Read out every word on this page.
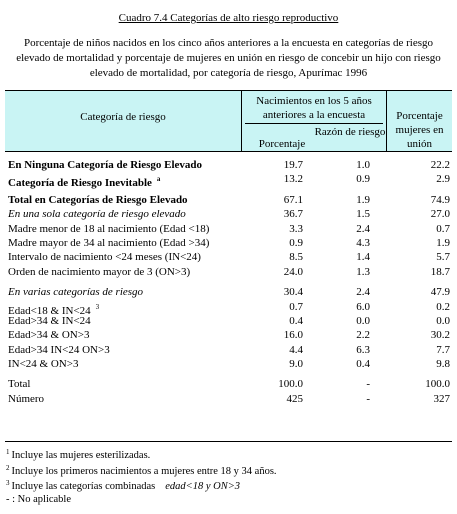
Cuadro 7.4 Categorías de alto riesgo reproductivo
Porcentaje de niños nacidos en los cinco años anteriores a la encuesta en categorías de riesgo elevado de mortalidad y porcentaje de mujeres en unión en riesgo de concebir un hijo con riesgo elevado de mortalidad, por categoría de riesgo, Apurímac 1996
Categoría de riesgo
Nacimientos en los 5 años anteriores a la encuesta
Porcentaje
Razón de riesgo
Porcentaje mujeres en unión
En Ninguna Categoría de Riesgo Elevado	19.7	1.0	22.2
Categoría de Riesgo Inevitable $^a$	13.2	0.9	2.9
Total en Categorías de Riesgo Elevado	67.1	1.9	74.9
En una sola categoría de riesgo elevado	36.7	1.5	27.0
Madre menor de 18 al nacimiento (Edad <18)	3.3	2.4	0.7
Madre mayor de 34 al nacimiento (Edad >34)	0.9	4.3	1.9
Intervalo de nacimiento <24 meses (IN<24)	8.5	1.4	5.7
Orden de nacimiento mayor de 3 (ON>3)	24.0	1.3	18.7
En varias categorías de riesgo	30.4	2.4	47.9
Edad<18 & IN<24 $^3$	0.7	6.0	0.2
Edad>34 & IN<24	0.4	0.0	0.0
Edad>34 & ON>3	16.0	2.2	30.2
Edad>34 IN<24 ON>3	4.4	6.3	7.7
IN<24 & ON>3	9.0	0.4	9.8
Total	100.0	-	100.0
Número	425	-	327
$^1$ Incluye las mujeres esterilizadas.
$^2$ Incluye los primeros nacimientos a mujeres entre 18 y 34 años.
$^3$ Incluye las categorías combinadas edad<18 y ON>3
- : No aplicable
